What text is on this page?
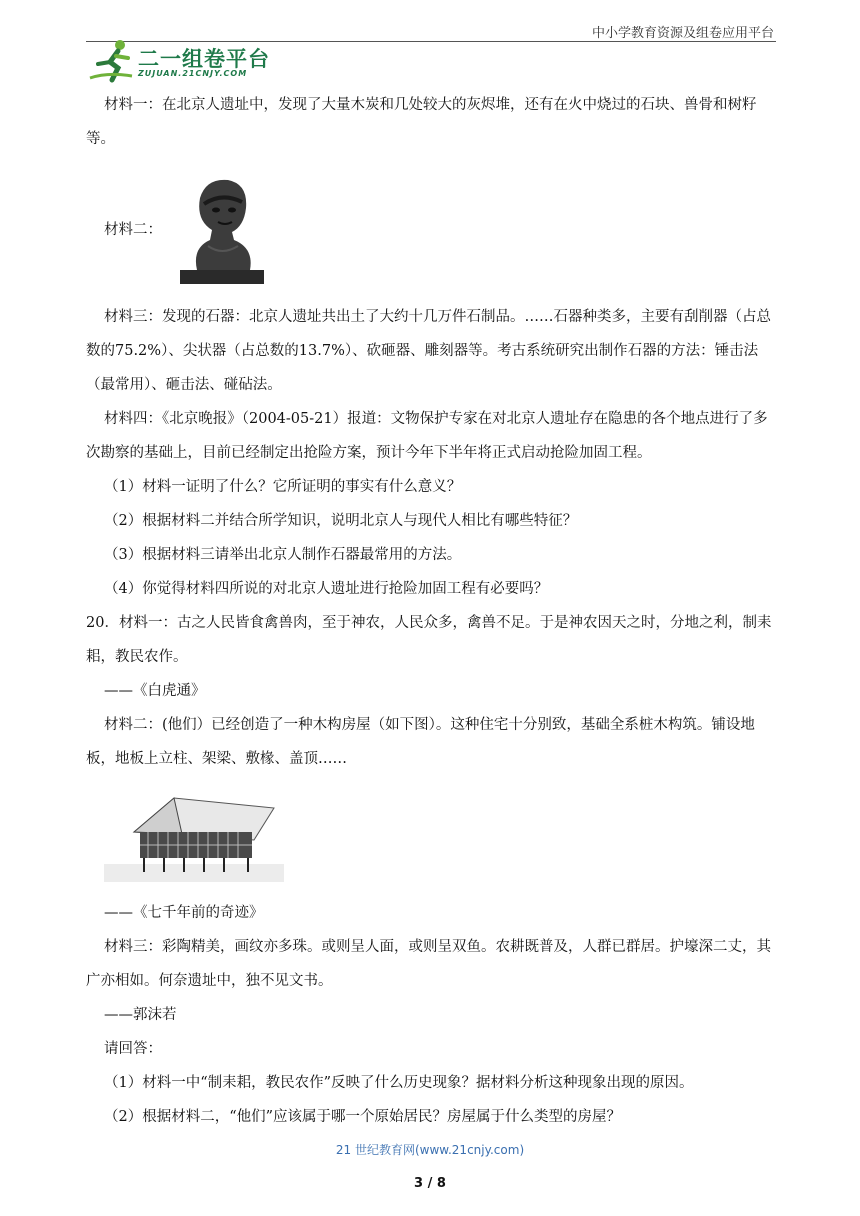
中小学教育资源及组卷应用平台
二一组卷平台
ZUJUAN.21CNJY.COM

材料一：在北京人遗址中，发现了大量木炭和几处较大的灰烬堆，还有在火中烧过的石块、兽骨和树籽等。

材料二：

材料三：发现的石器：北京人遗址共出土了大约十几万件石制品。……石器种类多，主要有刮削器（占总数的75.2%）、尖状器（占总数的13.7%）、砍砸器、雕刻器等。考古系统研究出制作石器的方法：锤击法（最常用）、砸击法、碰砧法。

材料四：《北京晚报》（2004-05-21）报道：文物保护专家在对北京人遗址存在隐患的各个地点进行了多次勘察的基础上，目前已经制定出抢险方案，预计今年下半年将正式启动抢险加固工程。

（1）材料一证明了什么？它所证明的事实有什么意义？

（2）根据材料二并结合所学知识，说明北京人与现代人相比有哪些特征？

（3）根据材料三请举出北京人制作石器最常用的方法。

（4）你觉得材料四所说的对北京人遗址进行抢险加固工程有必要吗？

20．材料一：古之人民皆食禽兽肉，至于神农，人民众多，禽兽不足。于是神农因天之时，分地之利，制耒耜，教民农作。

——《白虎通》

材料二：(他们）已经创造了一种木构房屋（如下图）。这种住宅十分别致，基础全系桩木构筑。铺设地板，地板上立柱、架梁、敷椽、盖顶……

——《七千年前的奇迹》

材料三：彩陶精美，画纹亦多珠。或则呈人面，或则呈双鱼。农耕既普及，人群已群居。护壕深二丈，其广亦相如。何奈遗址中，独不见文书。

——郭沫若

请回答：

（1）材料一中“制耒耜，教民农作”反映了什么历史现象？据材料分析这种现象出现的原因。

（2）根据材料二，“他们”应该属于哪一个原始居民？房屋属于什么类型的房屋？

21 世纪教育网(www.21cnjy.com)
3 / 8
